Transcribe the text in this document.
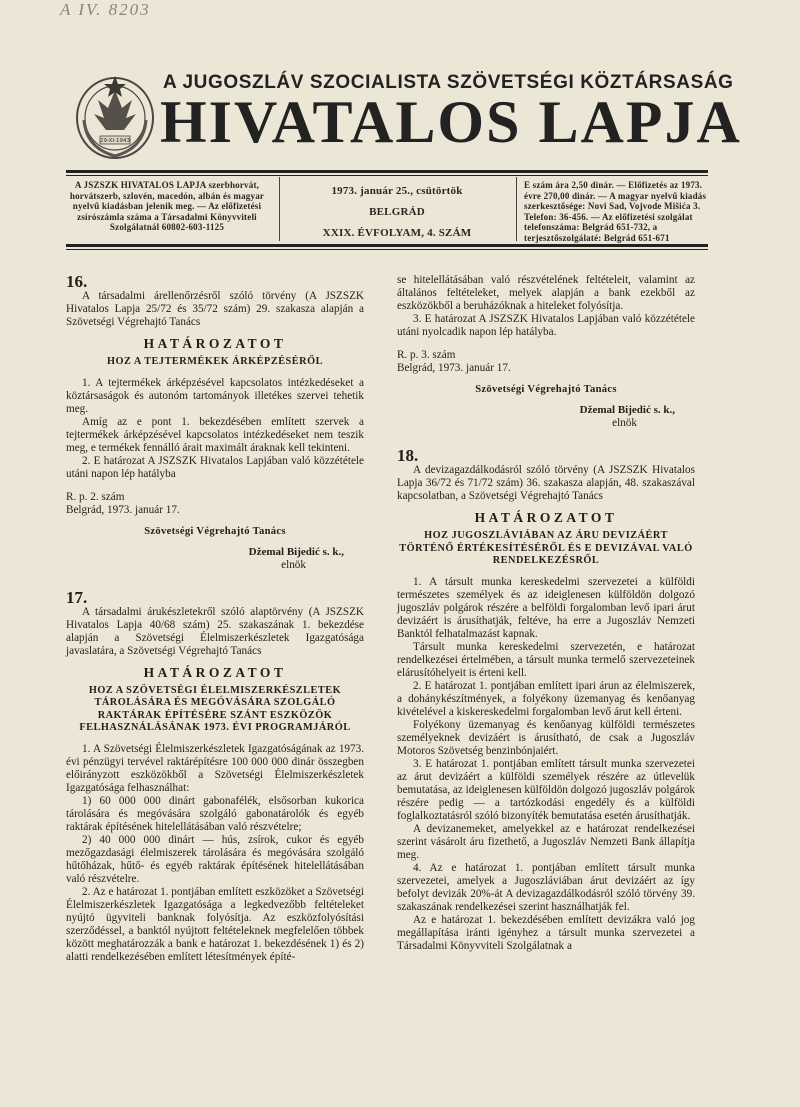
A IV. 8203
29-XI-1943
A JUGOSZLÁV SZOCIALISTA SZÖVETSÉGI KÖZTÁRSASÁG
HIVATALOS LAPJA
A JSZSZK HIVATALOS LAPJA szerbhorvát, horvátszerb, szlovén, macedón, albán és magyar nyelvű kiadásban jelenik meg. — Az előfizetési zsírószámla száma a Társadalmi Könyvviteli Szolgálatnál 60802-603-1125
1973. január 25., csütörtök
BELGRÁD
XXIX. ÉVFOLYAM, 4. SZÁM
E szám ára 2,50 dinár. — Előfizetés az 1973. évre 270,00 dinár. — A magyar nyelvű kiadás szerkesztősége: Novi Sad, Vojvode Mišića 3. Telefon: 36-456. — Az előfizetési szolgálat telefonszáma: Belgrád 651-732, a terjesztőszolgálaté: Belgrád 651-671

16.

A társadalmi árellenőrzésről szóló törvény (A JSZSZK Hivatalos Lapja 25/72 és 35/72 szám) 29. szakasza alapján a Szövetségi Végrehajtó Tanács

HATÁROZATOT

HOZ A TEJTERMÉKEK ÁRKÉPZÉSÉRŐL

1. A tejtermékek árképzésével kapcsolatos intézkedéseket a köztársaságok és autonóm tartományok illetékes szervei tehetik meg.

Amíg az e pont 1. bekezdésében említett szervek a tejtermékek árképzésével kapcsolatos intézkedéseket nem teszik meg, e termékek fennálló árait maximált áraknak kell tekinteni.

2. E határozat A JSZSZK Hivatalos Lapjában való közzététele utáni napon lép hatályba

R. p. 2. szám

Belgrád, 1973. január 17.

Szövetségi Végrehajtó Tanács

Džemal Bijedić s. k.,

elnök

17.

A társadalmi árukészletekről szóló alaptörvény (A JSZSZK Hivatalos Lapja 40/68 szám) 25. szakaszának 1. bekezdése alapján a Szövetségi Élelmiszerkészletek Igazgatósága javaslatára, a Szövetségi Végrehajtó Tanács

HATÁROZATOT

HOZ A SZÖVETSÉGI ÉLELMISZERKÉSZLETEK TÁROLÁSÁRA ÉS MEGÓVÁSÁRA SZOLGÁLÓ RAKTÁRAK ÉPÍTÉSÉRE SZÁNT ESZKÖZÖK FELHASZNÁLÁSÁNAK 1973. ÉVI PROGRAMJÁRÓL

1. A Szövetségi Élelmiszerkészletek Igazgatóságának az 1973. évi pénzügyi tervével raktárépítésre 100 000 000 dinár összegben előirányzott eszközökből a Szövetségi Élelmiszerkészletek Igazgatósága felhasználhat:

1) 60 000 000 dinárt gabonafélék, elsősorban kukorica tárolására és megóvására szolgáló gabonatárolók és egyéb raktárak építésének hitelellátásában való részvételre;

2) 40 000 000 dinárt — hús, zsírok, cukor és egyéb mezőgazdasági élelmiszerek tárolására és megóvására szolgáló hűtőházak, hűtő- és egyéb raktárak építésének hitelellátásában való részvételre.

2. Az e határozat 1. pontjában említett eszközöket a Szövetségi Élelmiszerkészletek Igazgatósága a legkedvezőbb feltételeket nyújtó ügyviteli banknak folyósítja. Az eszközfolyósítási szerződéssel, a banktól nyújtott feltételeknek megfelelően többek között meghatározzák a bank e határozat 1. bekezdésének 1) és 2) alatti rendelkezésében említett létesítmények építé-

se hitelellátásában való részvételének feltételeit, valamint az általános feltételeket, melyek alapján a bank ezekből az eszközökből a beruházóknak a hiteleket folyósítja.

3. E határozat A JSZSZK Hivatalos Lapjában való közzététele utáni nyolcadik napon lép hatályba.

R. p. 3. szám

Belgrád, 1973. január 17.

Szövetségi Végrehajtó Tanács

Džemal Bijedić s. k.,

elnök

18.

A devizagazdálkodásról szóló törvény (A JSZSZK Hivatalos Lapja 36/72 és 71/72 szám) 36. szakasza alapján, 48. szakaszával kapcsolatban, a Szövetségi Végrehajtó Tanács

HATÁROZATOT

HOZ JUGOSZLÁVIÁBAN AZ ÁRU DEVIZÁÉRT TÖRTÉNŐ ÉRTÉKESÍTÉSÉRŐL ÉS E DEVIZÁVAL VALÓ RENDELKEZÉSRŐL

1. A társult munka kereskedelmi szervezetei a külföldi természetes személyek és az ideiglenesen külföldön dolgozó jugoszláv polgárok részére a belföldi forgalomban levő ipari árut devizáért is árusíthatják, feltéve, ha erre a Jugoszláv Nemzeti Banktól felhatalmazást kapnak.

Társult munka kereskedelmi szervezetén, e határozat rendelkezései értelmében, a társult munka termelő szervezeteinek elárusítóhelyeit is érteni kell.

2. E határozat 1. pontjában említett ipari árun az élelmiszerek, a dohánykészítmények, a folyékony üzemanyag és kenőanyag kivételével a kiskereskedelmi forgalomban levő árut kell érteni.

Folyékony üzemanyag és kenőanyag külföldi természetes személyeknek devizáért is árusítható, de csak a Jugoszláv Motoros Szövetség benzinbónjaiért.

3. E határozat 1. pontjában említett társult munka szervezetei az árut devizáért a külföldi személyek részére az útlevelük bemutatása, az ideiglenesen külföldön dolgozó jugoszláv polgárok részére pedig — a tartózkodási engedély és a külföldi foglalkoztatásról szóló bizonyíték bemutatása esetén árusíthatják.

A devizanemeket, amelyekkel az e határozat rendelkezései szerint vásárolt áru fizethető, a Jugoszláv Nemzeti Bank állapítja meg.

4. Az e határozat 1. pontjában említett társult munka szervezetei, amelyek a Jugoszláviában árut devizáért az így befolyt devizák 20%-át A devizagazdálkodásról szóló törvény 39. szakaszának rendelkezései szerint használhatják fel.

Az e határozat 1. bekezdésében említett devizákra való jog megállapítása iránti igényhez a társult munka szervezetei a Társadalmi Könyvviteli Szolgálatnak a
